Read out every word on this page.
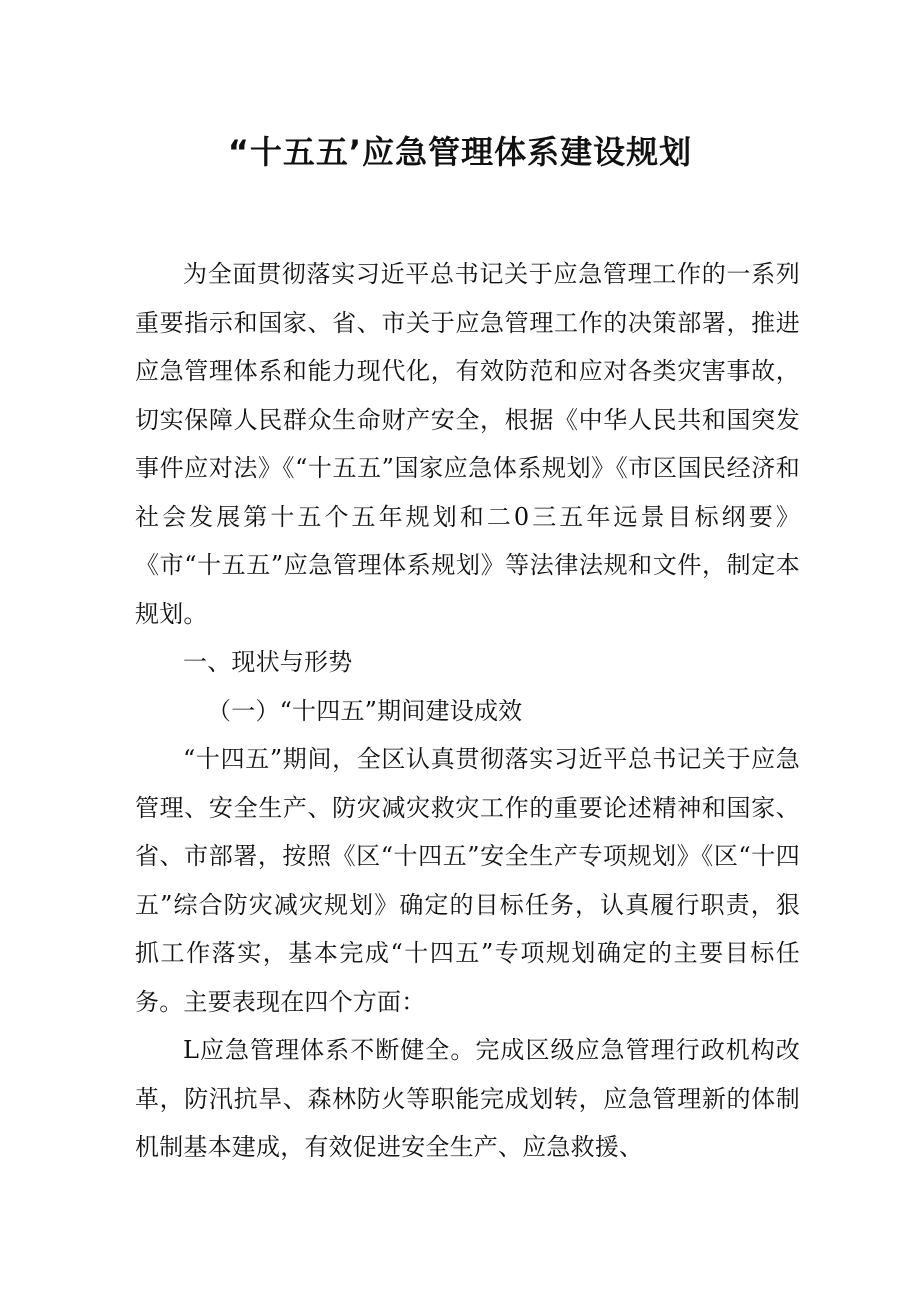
“十五五’应急管理体系建设规划

为全面贯彻落实习近平总书记关于应急管理工作的一系列重要指示和国家、省、市关于应急管理工作的决策部署，推进应急管理体系和能力现代化，有效防范和应对各类灾害事故，切实保障人民群众生命财产安全，根据《中华人民共和国突发事件应对法》《“十五五”国家应急体系规划》《市区国民经济和社会发展第十五个五年规划和二0三五年远景目标纲要》《市“十五五”应急管理体系规划》等法律法规和文件，制定本规划。

一、现状与形势

（一）“十四五”期间建设成效

“十四五”期间，全区认真贯彻落实习近平总书记关于应急管理、安全生产、防灾减灾救灾工作的重要论述精神和国家、省、市部署，按照《区“十四五”安全生产专项规划》《区“十四五”综合防灾减灾规划》确定的目标任务，认真履行职责，狠抓工作落实，基本完成“十四五”专项规划确定的主要目标任务。主要表现在四个方面：

L应急管理体系不断健全。完成区级应急管理行政机构改革，防汛抗旱、森林防火等职能完成划转，应急管理新的体制机制基本建成，有效促进安全生产、应急救援、
